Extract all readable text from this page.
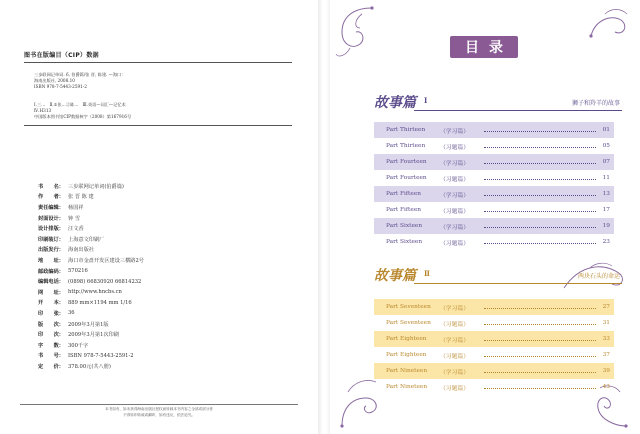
图书在版编目（CIP）数据
三步联网记单词. 6, 伯爵篇/张 晋, 陈建. —海口：
海南出版社, 2008.10
ISBN 978-7-5443-2591-2
Ⅰ.三…　Ⅱ.①张…②陈…　Ⅲ.英语—词汇—记忆术
Ⅳ.H313
中国版本图书馆CIP数据核字（2008）第167916号
书　　名： 三步联网记单词(伯爵篇)
作　　者： 张 晋 陈 建
责任编辑： 杨国祥
封面设计： 钟 雪
设计排版： 汪文香
印刷装订： 上海意文印刷厂
出版发行： 海南出版社
地　　址： 海口市金盘开发区建设三横路2号
邮政编码： 570216
编辑电话： (0898) 66830920 66814232
网　　址： http://www.hncbs.cn
开　　本： 889 mm×1194 mm 1/16
印　　张： 36
版　　次： 2009年3月第1版
印　　次： 2009年3月第1次印刷
字　　数： 300千字
书　　号： ISBN 978-7-5443-2591-2
定　　价： 378.00元(共八册)
本书如有、如未获得海南出版社授权而转载本书内容之全部或部分者
不得转印转载或翻印，如有违反，依法追究。
目录
故事篇 Ⅰ	狮子和羚羊的故事
Part Thirteen	（学习篇）	01
Part Thirteen	（习题篇）	05
Part Fourteen	（学习篇）	07
Part Fourteen	（习题篇）	11
Part Fifteen	（学习篇）	13
Part Fifteen	（习题篇）	17
Part Sixteen	（学习篇）	19
Part Sixteen	（习题篇）	23
故事篇 Ⅱ	两块石头的命运
Part Seventeen	（学习篇）	27
Part Seventeen	（习题篇）	31
Part Eighteen	（学习篇）	33
Part Eighteen	（习题篇）	37
Part Nineteen	（学习篇）	39
Part Nineteen	（习题篇）	43
